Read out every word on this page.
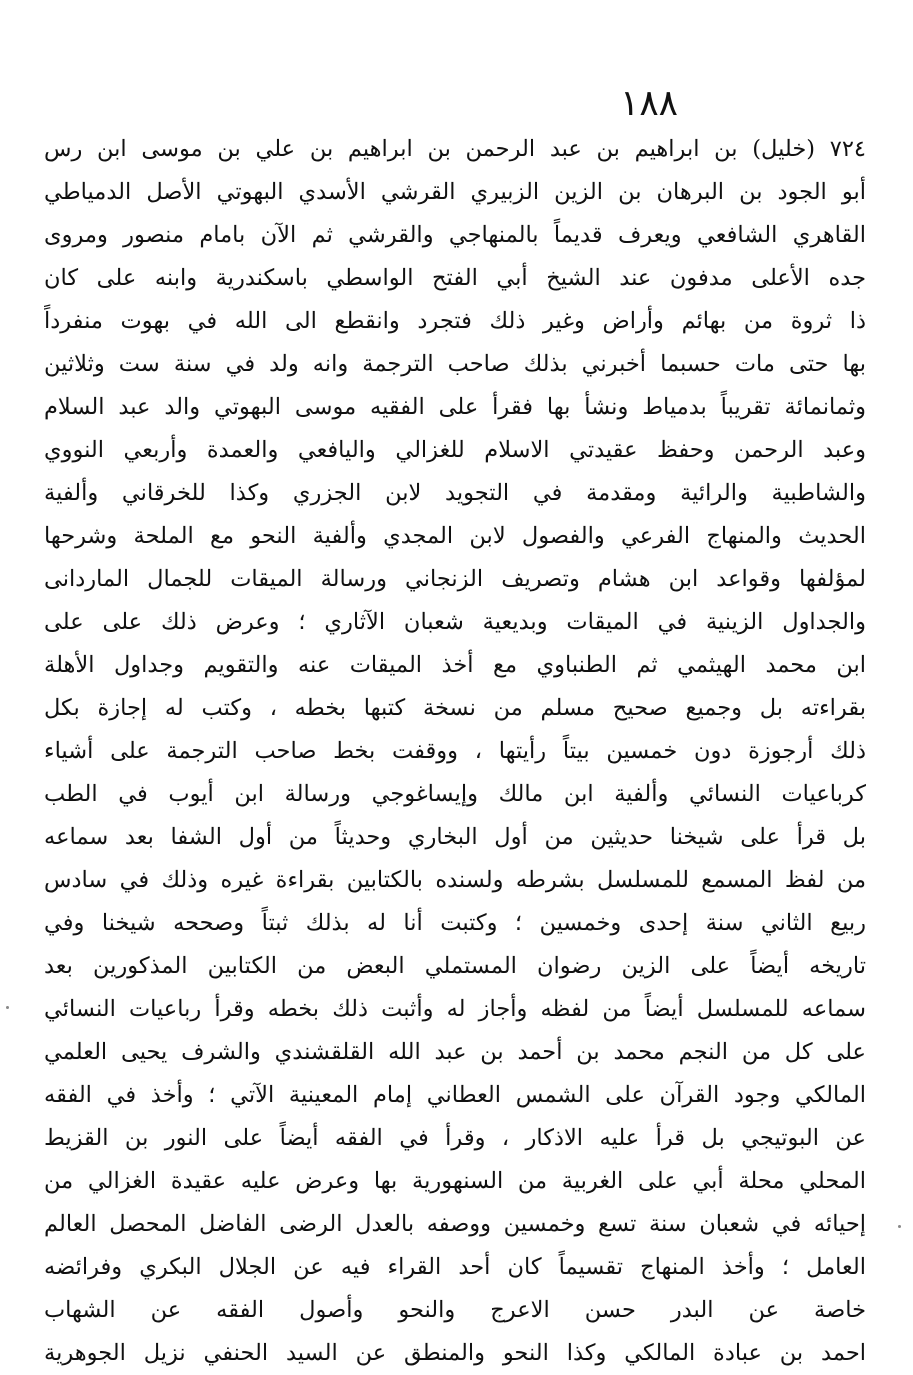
١٨٨
٧٢٤ (خليل) بن ابراهيم بن عبد الرحمن بن ابراهيم بن علي بن موسى ابن رس
أبو الجود بن البرهان بن الزين الزبيري القرشي الأسدي البهوتي الأصل الدمياطي
القاهري الشافعي ويعرف قديماً بالمنهاجي والقرشي ثم الآن بامام منصور ومروى
جده الأعلى مدفون عند الشيخ أبي الفتح الواسطي باسكندرية وابنه على كان
ذا ثروة من بهائم وأراض وغير ذلك فتجرد وانقطع الى الله في بهوت منفرداً
بها حتى مات حسبما أخبرني بذلك صاحب الترجمة وانه ولد في سنة ست وثلاثين
وثمانمائة تقريباً بدمياط ونشأ بها فقرأ على الفقيه موسى البهوتي والد عبد السلام
وعبد الرحمن وحفظ عقيدتي الاسلام للغزالي واليافعي والعمدة وأربعي النووي
والشاطبية والرائية ومقدمة في التجويد لابن الجزري وكذا للخرقاني وألفية
الحديث والمنهاج الفرعي والفصول لابن المجدي وألفية النحو مع الملحة وشرحها
لمؤلفها وقواعد ابن هشام وتصريف الزنجاني ورسالة الميقات للجمال الماردانى
والجداول الزينية في الميقات وبديعية شعبان الآثاري ؛ وعرض ذلك على على
ابن محمد الهيثمي ثم الطنباوي مع أخذ الميقات عنه والتقويم وجداول الأهلة
بقراءته بل وجميع صحيح مسلم من نسخة كتبها بخطه ، وكتب له إجازة بكل
ذلك أرجوزة دون خمسين بيتاً رأيتها ، ووقفت بخط صاحب الترجمة على أشياء
كرباعيات النسائي وألفية ابن مالك وإيساغوجي ورسالة ابن أيوب في الطب
بل قرأ على شيخنا حديثين من أول البخاري وحديثاً من أول الشفا بعد سماعه
من لفظ المسمع للمسلسل بشرطه ولسنده بالكتابين بقراءة غيره وذلك في سادس
ربيع الثاني سنة إحدى وخمسين ؛ وكتبت أنا له بذلك ثبتاً وصححه شيخنا وفي
تاريخه أيضاً على الزين رضوان المستملي البعض من الكتابين المذكورين بعد
سماعه للمسلسل أيضاً من لفظه وأجاز له وأثبت ذلك بخطه وقرأ رباعيات النسائي
على كل من النجم محمد بن أحمد بن عبد الله القلقشندي والشرف يحيى العلمي
المالكي وجود القرآن على الشمس العطاني إمام المعينية الآتي ؛ وأخذ في الفقه
عن البوتيجي بل قرأ عليه الاذكار ، وقرأ في الفقه أيضاً على النور بن القزيط
المحلي محلة أبي على الغربية من السنهورية بها وعرض عليه عقيدة الغزالي من
إحيائه في شعبان سنة تسع وخمسين ووصفه بالعدل الرضى الفاضل المحصل العالم
العامل ؛ وأخذ المنهاج تقسيماً كان أحد القراء فيه عن الجلال البكري وفرائضه
خاصة عن البدر حسن الاعرج والنحو وأصول الفقه عن الشهاب
احمد بن عبادة المالكي وكذا النحو والمنطق عن السيد الحنفي نزيل الجوهرية
